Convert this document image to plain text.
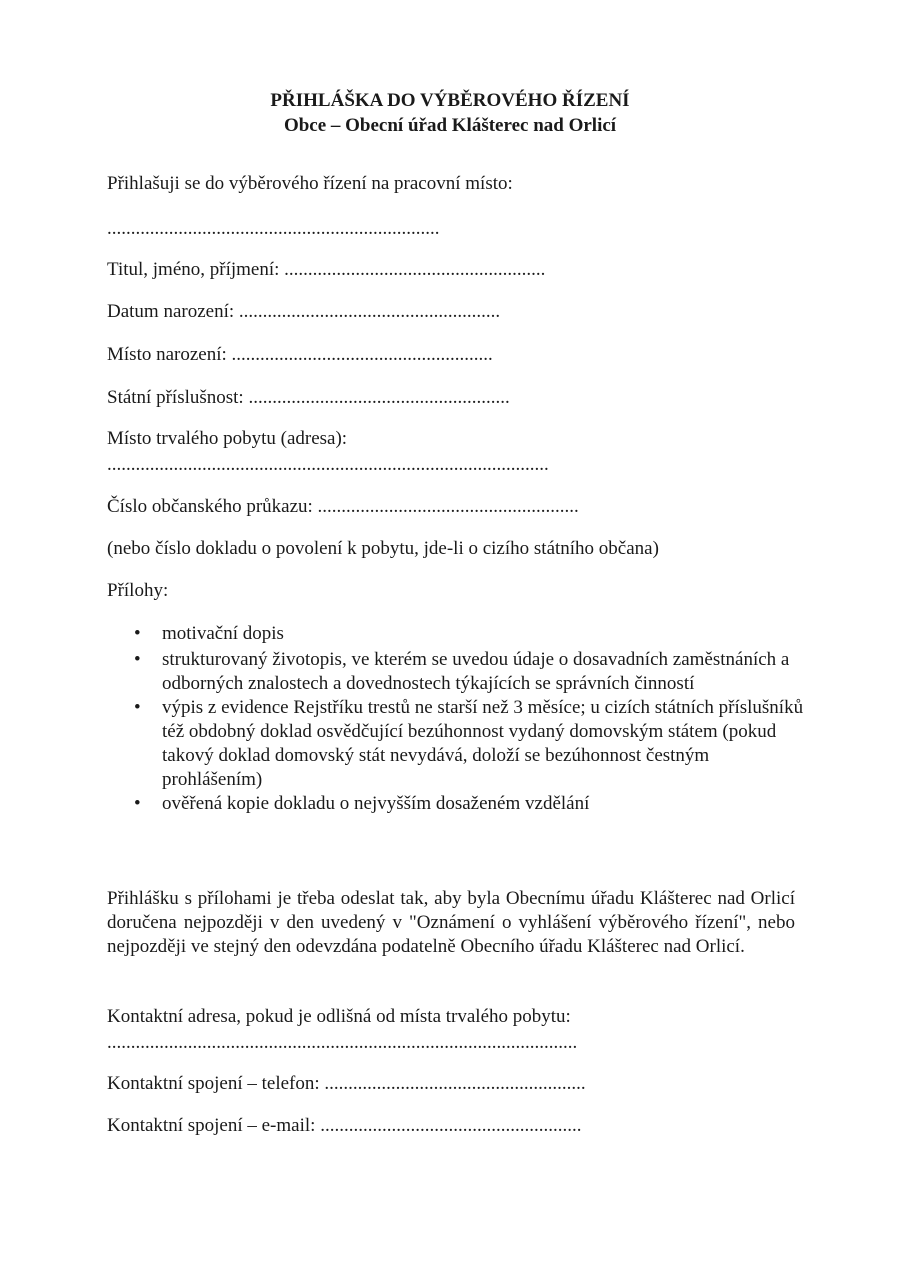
PŘIHLÁŠKA DO VÝBĚROVÉHO ŘÍZENÍ
Obce – Obecní úřad Klášterec nad Orlicí
Přihlašuji se do výběrového řízení na pracovní místo:
......................................................................
Titul, jméno, příjmení: .......................................................
Datum narození: .......................................................
Místo narození: .......................................................
Státní příslušnost: .......................................................
Místo trvalého pobytu (adresa):
.............................................................................................
Číslo občanského průkazu: .......................................................
(nebo číslo dokladu o povolení k pobytu, jde-li o cizího státního občana)
Přílohy:
• motivační dopis
• strukturovaný životopis, ve kterém se uvedou údaje o dosavadních zaměstnáních a odborných znalostech a dovednostech týkajících se správních činností
• výpis z evidence Rejstříku trestů ne starší než 3 měsíce; u cizích státních příslušníků též obdobný doklad osvědčující bezúhonnost vydaný domovským státem (pokud takový doklad domovský stát nevydává, doloží se bezúhonnost čestným prohlášením)
• ověřená kopie dokladu o nejvyšším dosaženém vzdělání
Přihlášku s přílohami je třeba odeslat tak, aby byla Obecnímu úřadu Klášterec nad Orlicí doručena nejpozději v den uvedený v "Oznámení o vyhlášení výběrového řízení", nebo nejpozději ve stejný den odevzdána podatelně Obecního úřadu Klášterec nad Orlicí.
Kontaktní adresa, pokud je odlišná od místa trvalého pobytu:
...................................................................................................
Kontaktní spojení – telefon: .......................................................
Kontaktní spojení – e-mail: .......................................................
